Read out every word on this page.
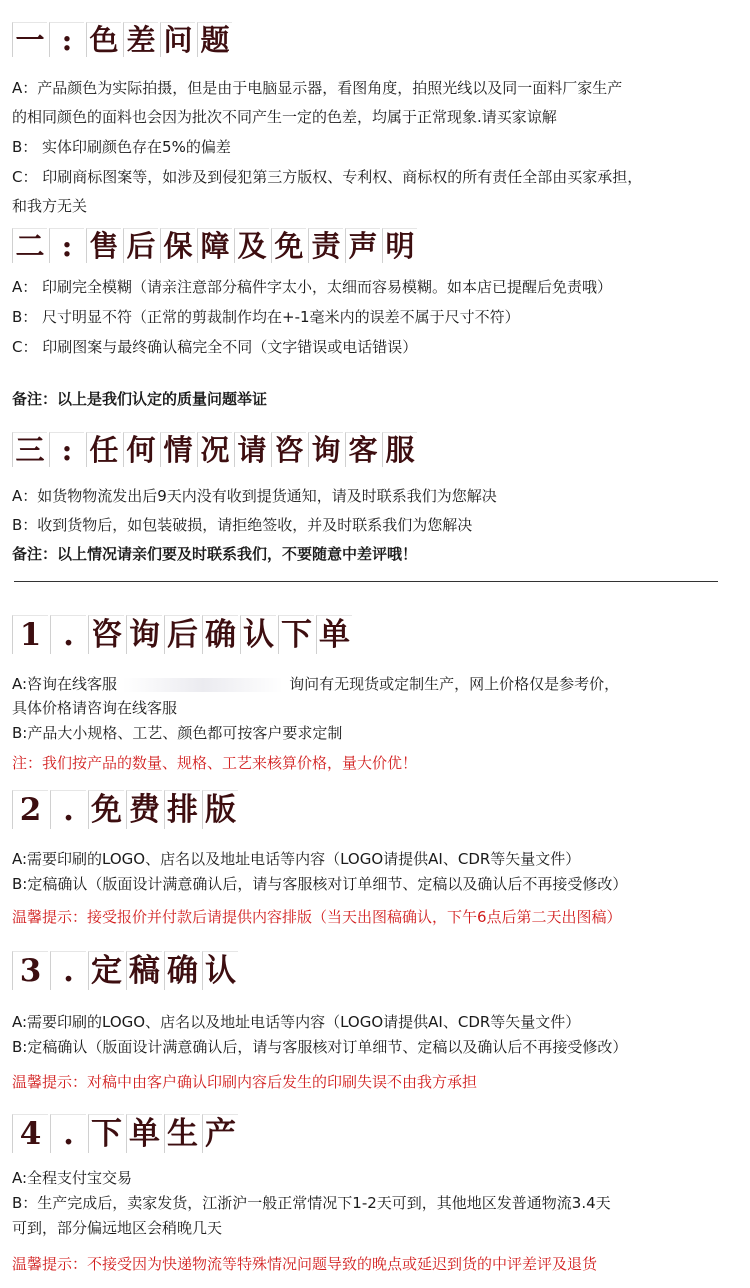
一 : 色 差 问 题
A：产品颜色为实际拍摄，但是由于电脑显示器，看图角度，拍照光线以及同一面料厂家生产
的相同颜色的面料也会因为批次不同产生一定的色差，均属于正常现象.请买家谅解
B： 实体印刷颜色存在5%的偏差
C： 印刷商标图案等，如涉及到侵犯第三方版权、专利权、商标权的所有责任全部由买家承担，
和我方无关
二 : 售 后 保 障 及 免 责 声 明
A： 印刷完全模糊（请亲注意部分稿件字太小，太细而容易模糊。如本店已提醒后免责哦）
B： 尺寸明显不符（正常的剪裁制作均在+-1毫米内的误差不属于尺寸不符）
C： 印刷图案与最终确认稿完全不同（文字错误或电话错误）
备注：以上是我们认定的质量问题举证
三 : 任 何 情 况 请 咨 询 客 服
A：如货物物流发出后9天内没有收到提货通知，请及时联系我们为您解决
B：收到货物后，如包装破损，请拒绝签收，并及时联系我们为您解决
备注：以上情况请亲们要及时联系我们，不要随意中差评哦！
1 . 咨 询 后 确 认 下 单
A:咨询在线客服	询问有无现货或定制生产，网上价格仅是参考价，
具体价格请咨询在线客服
B:产品大小规格、工艺、颜色都可按客户要求定制
注：我们按产品的数量、规格、工艺来核算价格，量大价优！
2 . 免 费 排 版
A:需要印刷的LOGO、店名以及地址电话等内容（LOGO请提供AI、CDR等矢量文件）
B:定稿确认（版面设计满意确认后，请与客服核对订单细节、定稿以及确认后不再接受修改）
温馨提示：接受报价并付款后请提供内容排版（当天出图稿确认，下午6点后第二天出图稿）
3 . 定 稿 确 认
A:需要印刷的LOGO、店名以及地址电话等内容（LOGO请提供AI、CDR等矢量文件）
B:定稿确认（版面设计满意确认后，请与客服核对订单细节、定稿以及确认后不再接受修改）
温馨提示：对稿中由客户确认印刷内容后发生的印刷失误不由我方承担
4 . 下 单 生 产
A:全程支付宝交易
B：生产完成后，卖家发货，江浙沪一般正常情况下1-2天可到，其他地区发普通物流3.4天
可到，部分偏远地区会稍晚几天
温馨提示：不接受因为快递物流等特殊情况问题导致的晚点或延迟到货的中评差评及退货
